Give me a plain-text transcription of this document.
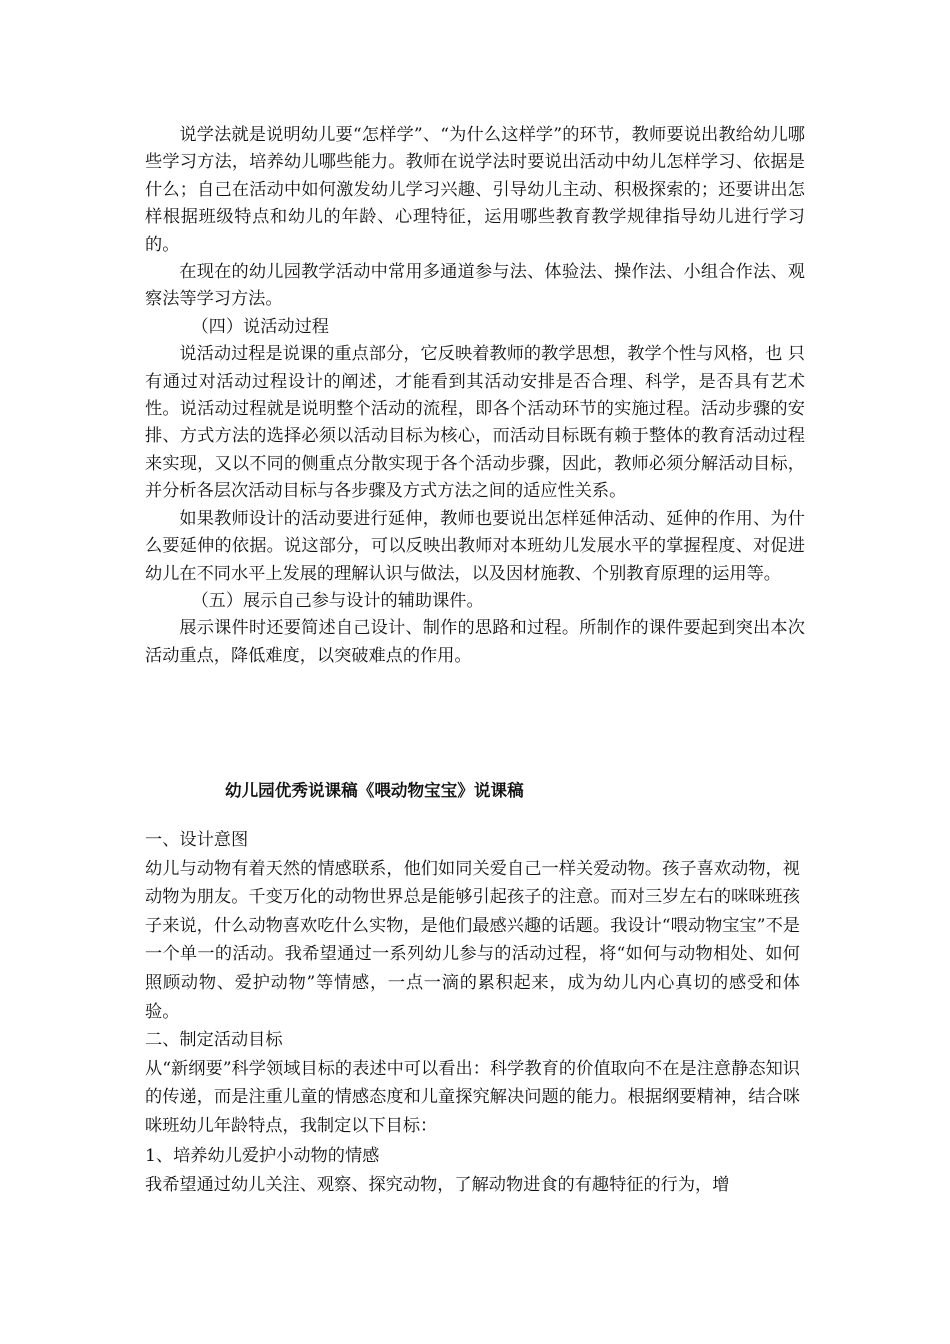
说学法就是说明幼儿要“怎样学”、“为什么这样学”的环节，教师要说出教给幼儿哪些学习方法，培养幼儿哪些能力。教师在说学法时要说出活动中幼儿怎样学习、依据是什么；自己在活动中如何激发幼儿学习兴趣、引导幼儿主动、积极探索的；还要讲出怎样根据班级特点和幼儿的年龄、心理特征，运用哪些教育教学规律指导幼儿进行学习的。

在现在的幼儿园教学活动中常用多通道参与法、体验法、操作法、小组合作法、观察法等学习方法。

（四）说活动过程

说活动过程是说课的重点部分，它反映着教师的教学思想，教学个性与风格，也 只有通过对活动过程设计的阐述，才能看到其活动安排是否合理、科学，是否具有艺术性。说活动过程就是说明整个活动的流程，即各个活动环节的实施过程。活动步骤的安排、方式方法的选择必须以活动目标为核心，而活动目标既有赖于整体的教育活动过程来实现，又以不同的侧重点分散实现于各个活动步骤，因此，教师必须分解活动目标，并分析各层次活动目标与各步骤及方式方法之间的适应性关系。

如果教师设计的活动要进行延伸，教师也要说出怎样延伸活动、延伸的作用、为什么要延伸的依据。说这部分，可以反映出教师对本班幼儿发展水平的掌握程度、对促进幼儿在不同水平上发展的理解认识与做法，以及因材施教、个别教育原理的运用等。

（五）展示自己参与设计的辅助课件。

展示课件时还要简述自己设计、制作的思路和过程。所制作的课件要起到突出本次活动重点，降低难度，以突破难点的作用。

幼儿园优秀说课稿《喂动物宝宝》说课稿

一、设计意图

幼儿与动物有着天然的情感联系，他们如同关爱自己一样关爱动物。孩子喜欢动物，视动物为朋友。千变万化的动物世界总是能够引起孩子的注意。而对三岁左右的咪咪班孩子来说，什么动物喜欢吃什么实物，是他们最感兴趣的话题。我设计“喂动物宝宝”不是一个单一的活动。我希望通过一系列幼儿参与的活动过程，将“如何与动物相处、如何照顾动物、爱护动物”等情感，一点一滴的累积起来，成为幼儿内心真切的感受和体验。

二、制定活动目标

从“新纲要”科学领域目标的表述中可以看出：科学教育的价值取向不在是注意静态知识的传递，而是注重儿童的情感态度和儿童探究解决问题的能力。根据纲要精神，结合咪咪班幼儿年龄特点，我制定以下目标：

1、培养幼儿爱护小动物的情感

我希望通过幼儿关注、观察、探究动物，了解动物进食的有趣特征的行为，增
